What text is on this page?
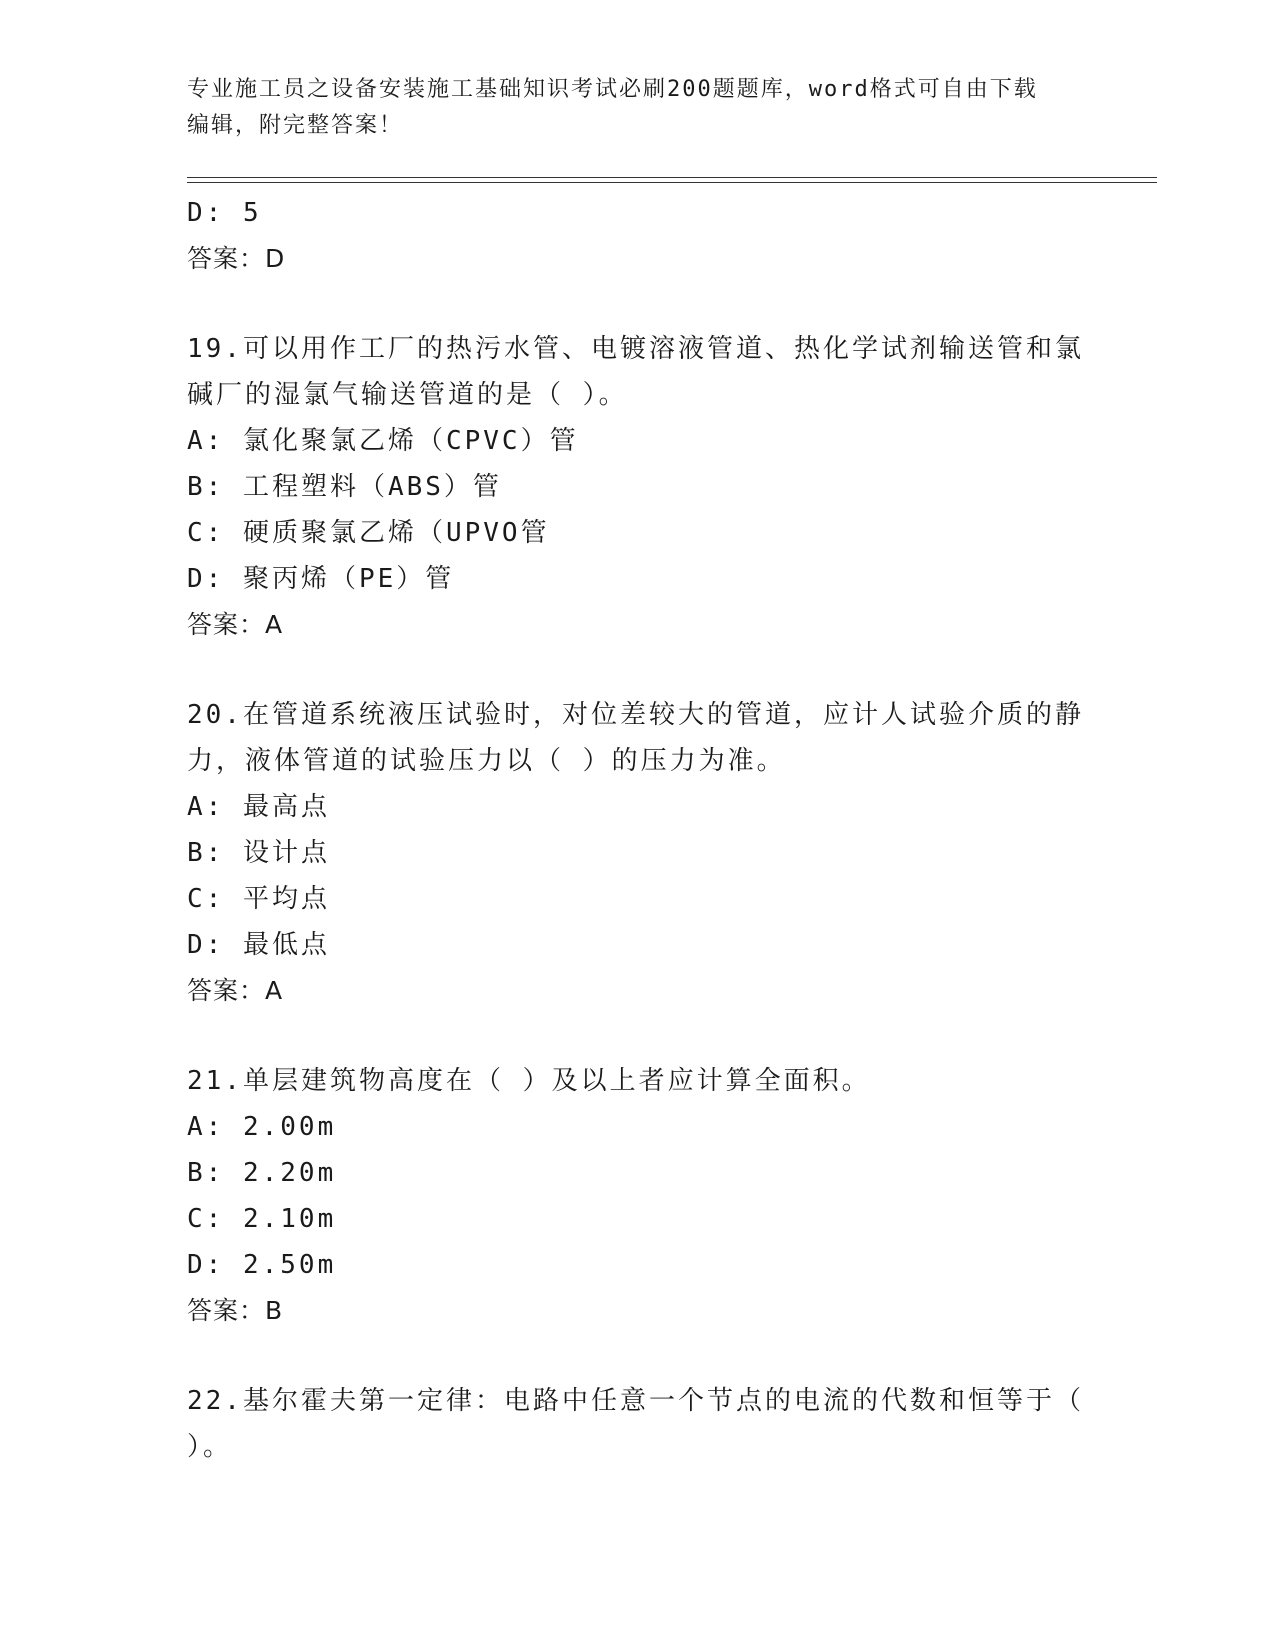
专业施工员之设备安装施工基础知识考试必刷200题题库，word格式可自由下载

编辑，附完整答案！

D: 5

答案：D

19.可以用作工厂的热污水管、电镀溶液管道、热化学试剂输送管和氯

碱厂的湿氯气输送管道的是（ ）。

A: 氯化聚氯乙烯（CPVC）管

B: 工程塑料（ABS）管

C: 硬质聚氯乙烯（UPVO管

D: 聚丙烯（PE）管

答案：A

20.在管道系统液压试验时，对位差较大的管道，应计人试验介质的静

力，液体管道的试验压力以（ ）的压力为准。

A: 最高点

B: 设计点

C: 平均点

D: 最低点

答案：A

21.单层建筑物高度在（ ）及以上者应计算全面积。

A: 2.00m

B: 2.20m

C: 2.10m

D: 2.50m

答案：B

22.基尔霍夫第一定律：电路中任意一个节点的电流的代数和恒等于（

）。
